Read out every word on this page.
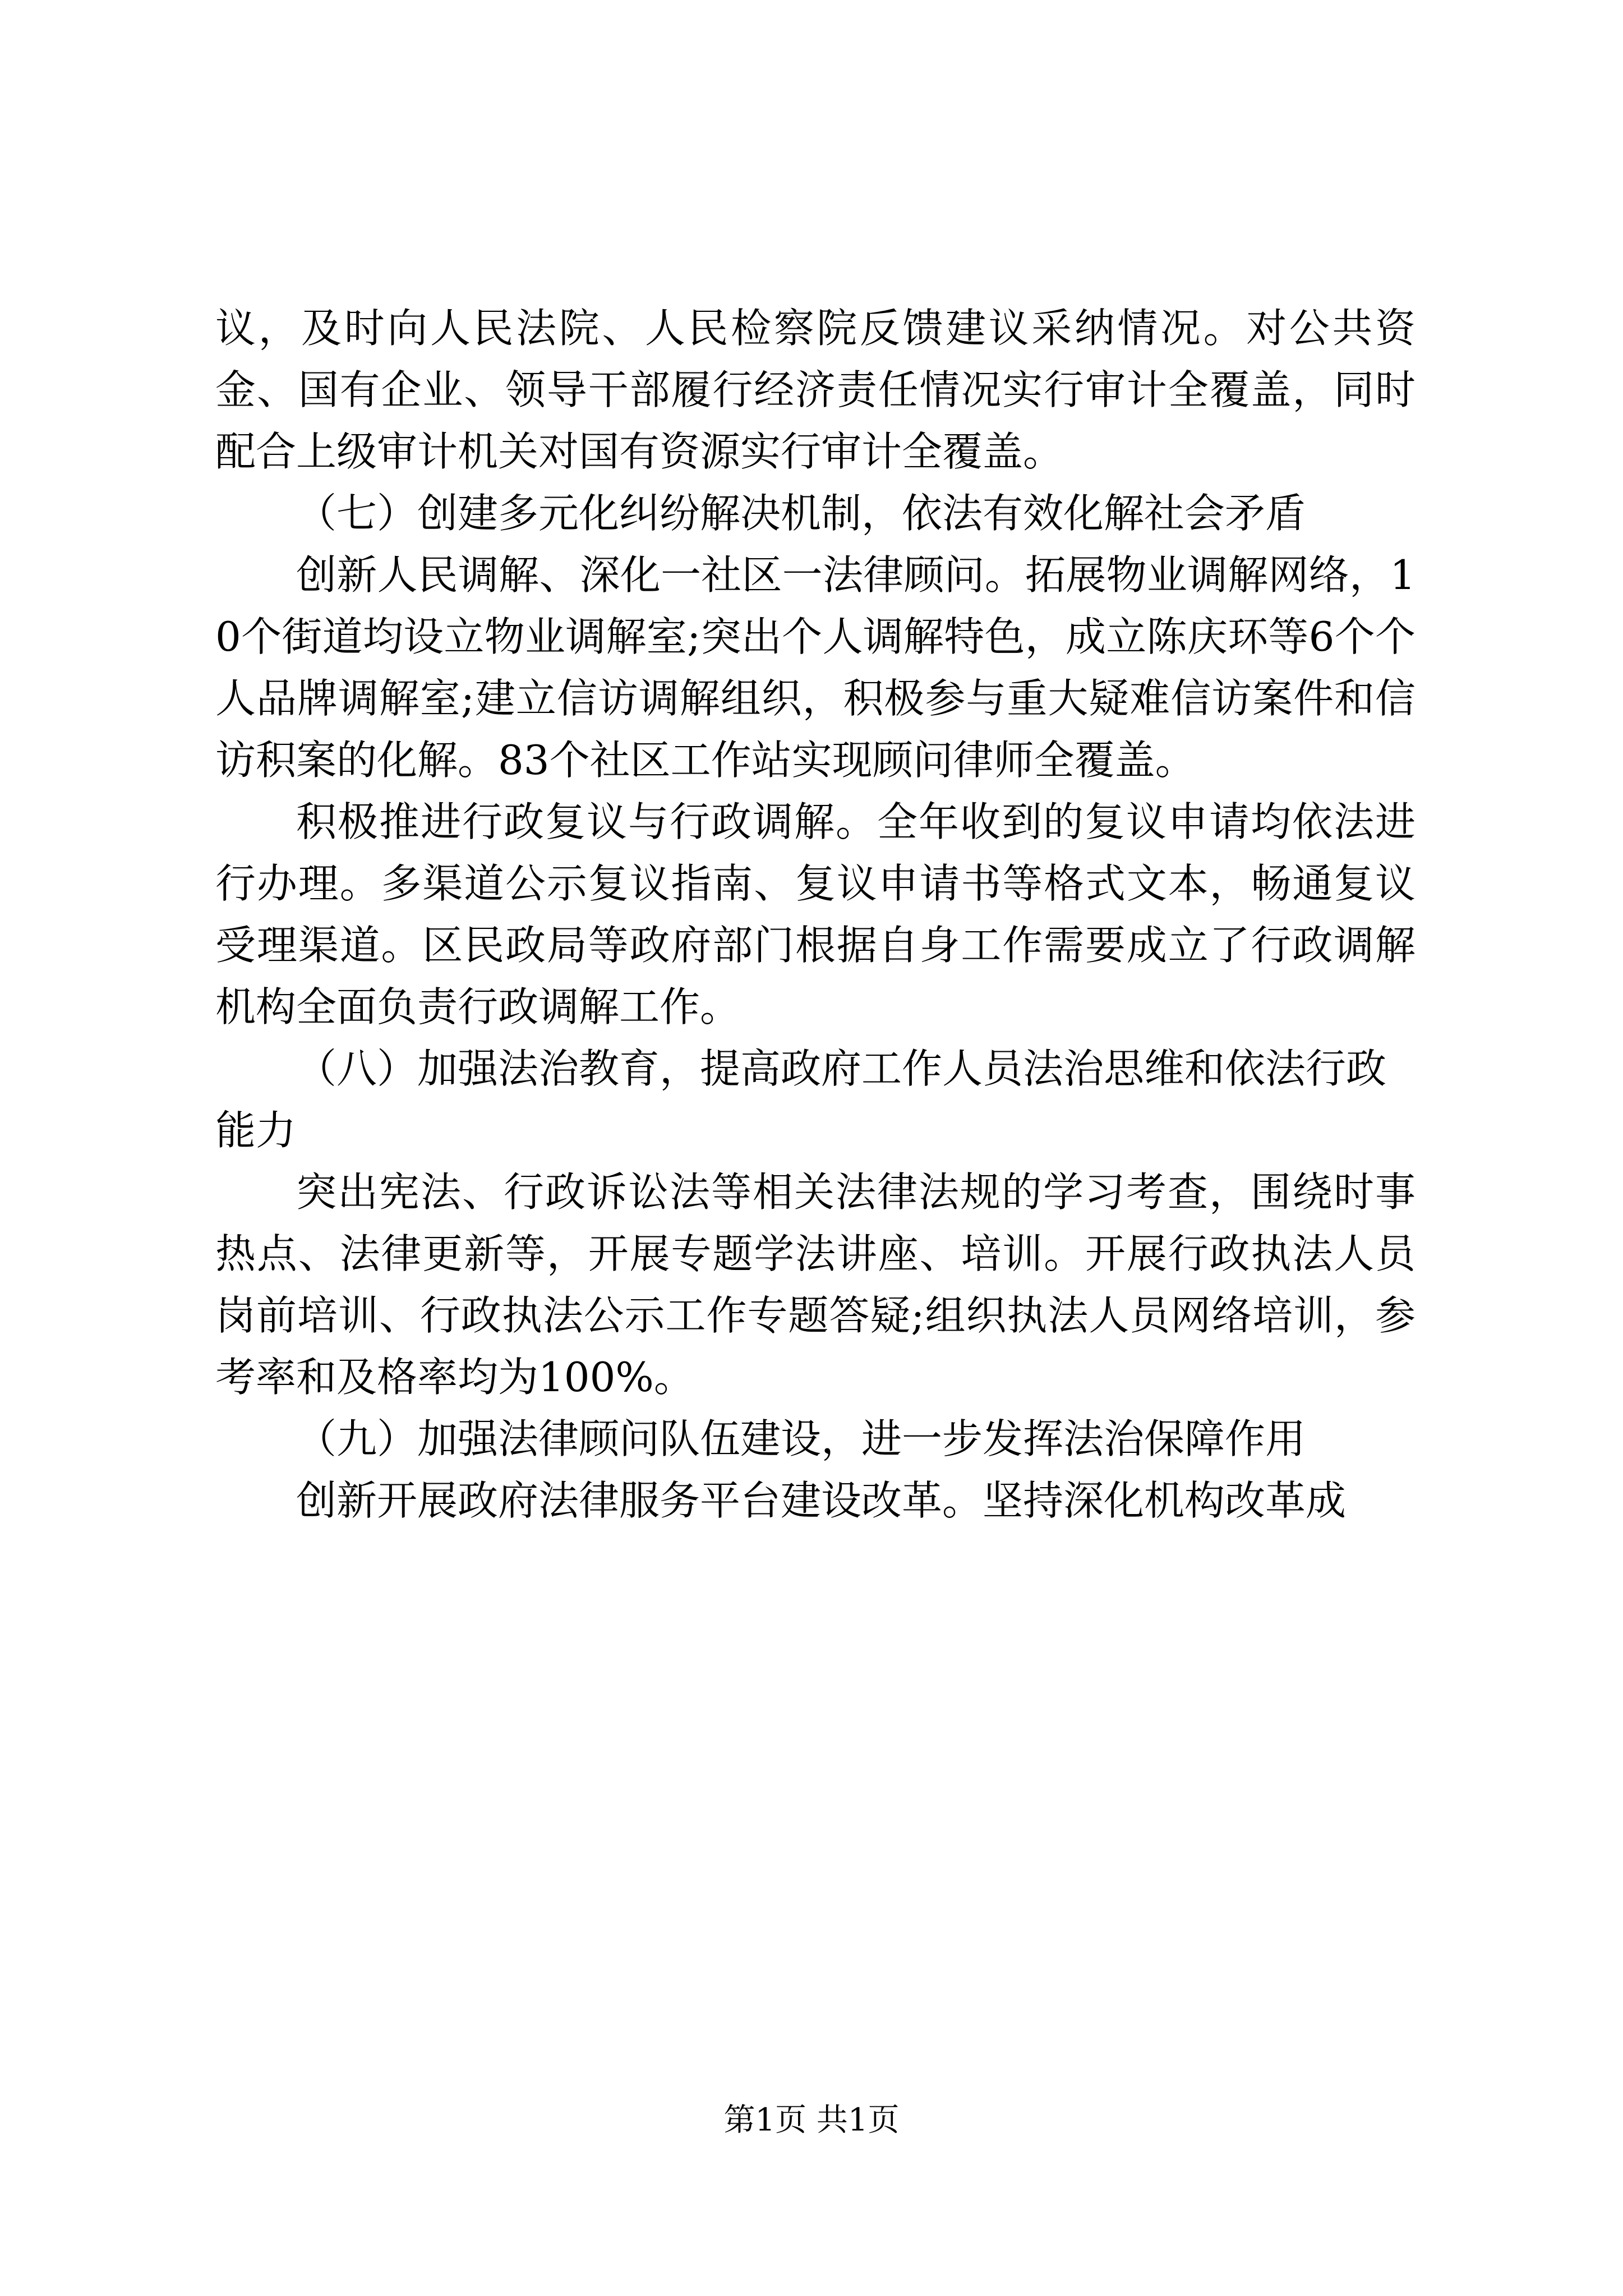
议，及时向人民法院、人民检察院反馈建议采纳情况。对公共资金、国有企业、领导干部履行经济责任情况实行审计全覆盖，同时配合上级审计机关对国有资源实行审计全覆盖。

（七）创建多元化纠纷解决机制，依法有效化解社会矛盾

创新人民调解、深化一社区一法律顾问。拓展物业调解网络，10个街道均设立物业调解室;突出个人调解特色，成立陈庆环等6个个人品牌调解室;建立信访调解组织，积极参与重大疑难信访案件和信访积案的化解。83个社区工作站实现顾问律师全覆盖。

积极推进行政复议与行政调解。全年收到的复议申请均依法进行办理。多渠道公示复议指南、复议申请书等格式文本，畅通复议受理渠道。区民政局等政府部门根据自身工作需要成立了行政调解机构全面负责行政调解工作。

（八）加强法治教育，提高政府工作人员法治思维和依法行政能力

突出宪法、行政诉讼法等相关法律法规的学习考查，围绕时事热点、法律更新等，开展专题学法讲座、培训。开展行政执法人员岗前培训、行政执法公示工作专题答疑;组织执法人员网络培训，参考率和及格率均为100%。

（九）加强法律顾问队伍建设，进一步发挥法治保障作用

创新开展政府法律服务平台建设改革。坚持深化机构改革成

第1页 共1页
